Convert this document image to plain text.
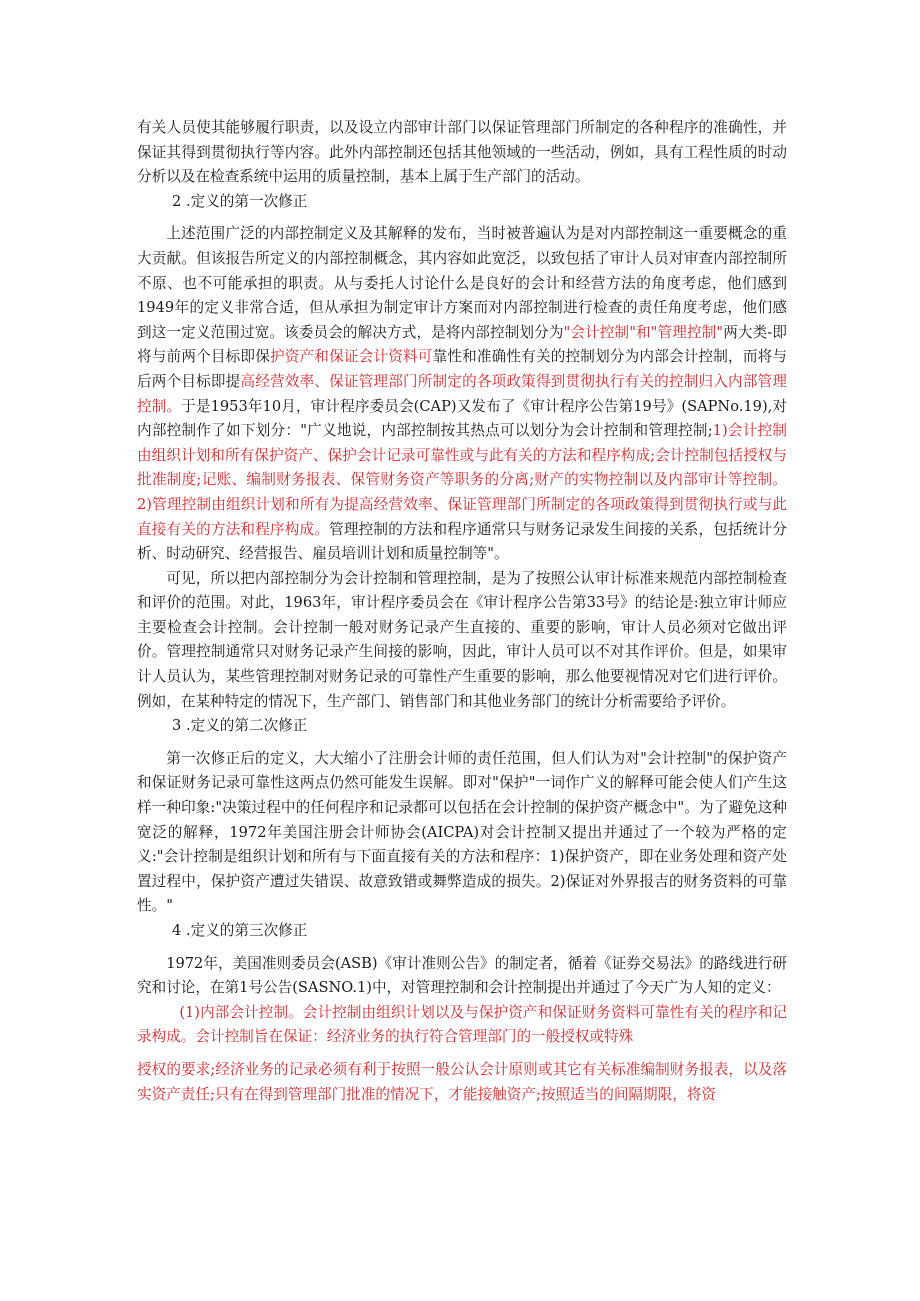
有关人员使其能够履行职责，以及设立内部审计部门以保证管理部门所制定的各种程序的准确性，并保证其得到贯彻执行等内容。此外内部控制还包括其他领域的一些活动，例如，具有工程性质的时动分析以及在检查系统中运用的质量控制，基本上属于生产部门的活动。

2 .定义的第一次修正

上述范围广泛的内部控制定义及其解释的发布，当时被普遍认为是对内部控制这一重要概念的重大贡献。但该报告所定义的内部控制概念，其内容如此宽泛，以致包括了审计人员对审查内部控制所不原、也不可能承担的职责。从与委托人讨论什么是良好的会计和经营方法的角度考虑，他们感到1949年的定义非常合适，但从承担为制定审计方案而对内部控制进行检查的责任角度考虑，他们感到这一定义范围过宽。该委员会的解决方式，是将内部控制划分为"会计控制"和"管理控制"两大类-即将与前两个目标即保护资产和保证会计资料可靠性和准确性有关的控制划分为内部会计控制，而将与后两个目标即提高经营效率、保证管理部门所制定的各项政策得到贯彻执行有关的控制归入内部管理控制。于是1953年10月，审计程序委员会(CAP)又发布了《审计程序公告第19号》(SAPNo.19),对内部控制作了如下划分："广义地说，内部控制按其热点可以划分为会计控制和管理控制;1)会计控制由组织计划和所有保护资产、保护会计记录可靠性或与此有关的方法和程序构成;会计控制包括授权与批准制度;记账、编制财务报表、保管财务资产等职务的分离;财产的实物控制以及内部审计等控制。2)管理控制由组织计划和所有为提高经营效率、保证管理部门所制定的各项政策得到贯彻执行或与此直接有关的方法和程序构成。管理控制的方法和程序通常只与财务记录发生间接的关系，包括统计分析、时动研究、经营报告、雇员培训计划和质量控制等"。

可见，所以把内部控制分为会计控制和管理控制，是为了按照公认审计标准来规范内部控制检查和评价的范围。对此，1963年，审计程序委员会在《审计程序公告第33号》的结论是:独立审计师应主要检查会计控制。会计控制一般对财务记录产生直接的、重要的影响，审计人员必须对它做出评价。管理控制通常只对财务记录产生间接的影响，因此，审计人员可以不对其作评价。但是，如果审计人员认为，某些管理控制对财务记录的可靠性产生重要的影响，那么他要视情况对它们进行评价。例如，在某种特定的情况下，生产部门、销售部门和其他业务部门的统计分析需要给予评价。

3 .定义的第二次修正

第一次修正后的定义，大大缩小了注册会计师的责任范围，但人们认为对"会计控制"的保护资产和保证财务记录可靠性这两点仍然可能发生误解。即对"保护"一词作广义的解释可能会使人们产生这样一种印象:"决策过程中的任何程序和记录都可以包括在会计控制的保护资产概念中"。为了避免这种宽泛的解释，1972年美国注册会计师协会(AICPA)对会计控制又提出并通过了一个较为严格的定义:"会计控制是组织计划和所有与下面直接有关的方法和程序：1)保护资产，即在业务处理和资产处置过程中，保护资产遭过失错误、故意致错或舞弊造成的损失。2)保证对外界报吉的财务资料的可靠性。"

4 .定义的第三次修正

1972年，美国准则委员会(ASB)《审计准则公告》的制定者，循着《证券交易法》的路线进行研究和讨论，在第1号公告(SASNO.1)中，对管理控制和会计控制提出并通过了今天广为人知的定义：

(1)内部会计控制。会计控制由组织计划以及与保护资产和保证财务资料可靠性有关的程序和记录构成。会计控制旨在保证：经济业务的执行符合管理部门的一般授权或特殊

授权的要求;经济业务的记录必须有利于按照一般公认会计原则或其它有关标准编制财务报表，以及落实资产责任;只有在得到管理部门批准的情况下，才能接触资产;按照适当的间隔期限，将资
